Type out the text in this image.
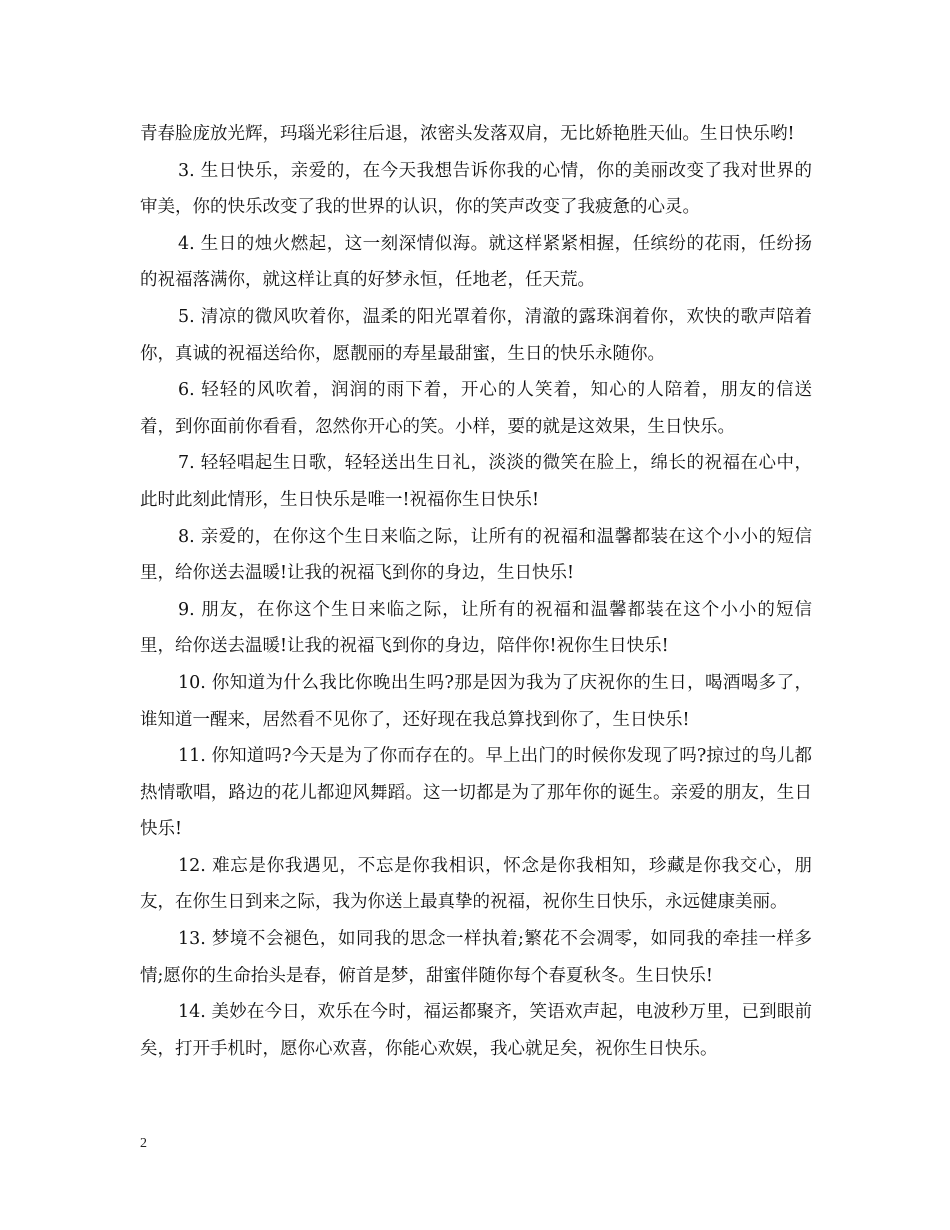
青春脸庞放光辉，玛瑙光彩往后退，浓密头发落双肩，无比娇艳胜天仙。生日快乐哟!

3. 生日快乐，亲爱的，在今天我想告诉你我的心情，你的美丽改变了我对世界的审美，你的快乐改变了我的世界的认识，你的笑声改变了我疲惫的心灵。

4. 生日的烛火燃起，这一刻深情似海。就这样紧紧相握，任缤纷的花雨，任纷扬的祝福落满你，就这样让真的好梦永恒，任地老，任天荒。

5. 清凉的微风吹着你，温柔的阳光罩着你，清澈的露珠润着你，欢快的歌声陪着你，真诚的祝福送给你，愿靓丽的寿星最甜蜜，生日的快乐永随你。

6. 轻轻的风吹着，润润的雨下着，开心的人笑着，知心的人陪着，朋友的信送着，到你面前你看看，忽然你开心的笑。小样，要的就是这效果，生日快乐。

7. 轻轻唱起生日歌，轻轻送出生日礼，淡淡的微笑在脸上，绵长的祝福在心中，此时此刻此情形，生日快乐是唯一!祝福你生日快乐!

8. 亲爱的，在你这个生日来临之际，让所有的祝福和温馨都装在这个小小的短信里，给你送去温暖!让我的祝福飞到你的身边，生日快乐!

9. 朋友，在你这个生日来临之际，让所有的祝福和温馨都装在这个小小的短信里，给你送去温暖!让我的祝福飞到你的身边，陪伴你!祝你生日快乐!

10. 你知道为什么我比你晚出生吗?那是因为我为了庆祝你的生日，喝酒喝多了，谁知道一醒来，居然看不见你了，还好现在我总算找到你了，生日快乐!

11. 你知道吗?今天是为了你而存在的。早上出门的时候你发现了吗?掠过的鸟儿都热情歌唱，路边的花儿都迎风舞蹈。这一切都是为了那年你的诞生。亲爱的朋友，生日快乐!

12. 难忘是你我遇见，不忘是你我相识，怀念是你我相知，珍藏是你我交心，朋友，在你生日到来之际，我为你送上最真挚的祝福，祝你生日快乐，永远健康美丽。

13. 梦境不会褪色，如同我的思念一样执着;繁花不会凋零，如同我的牵挂一样多情;愿你的生命抬头是春，俯首是梦，甜蜜伴随你每个春夏秋冬。生日快乐!

14. 美妙在今日，欢乐在今时，福运都聚齐，笑语欢声起，电波秒万里，已到眼前矣，打开手机时，愿你心欢喜，你能心欢娱，我心就足矣，祝你生日快乐。

2
